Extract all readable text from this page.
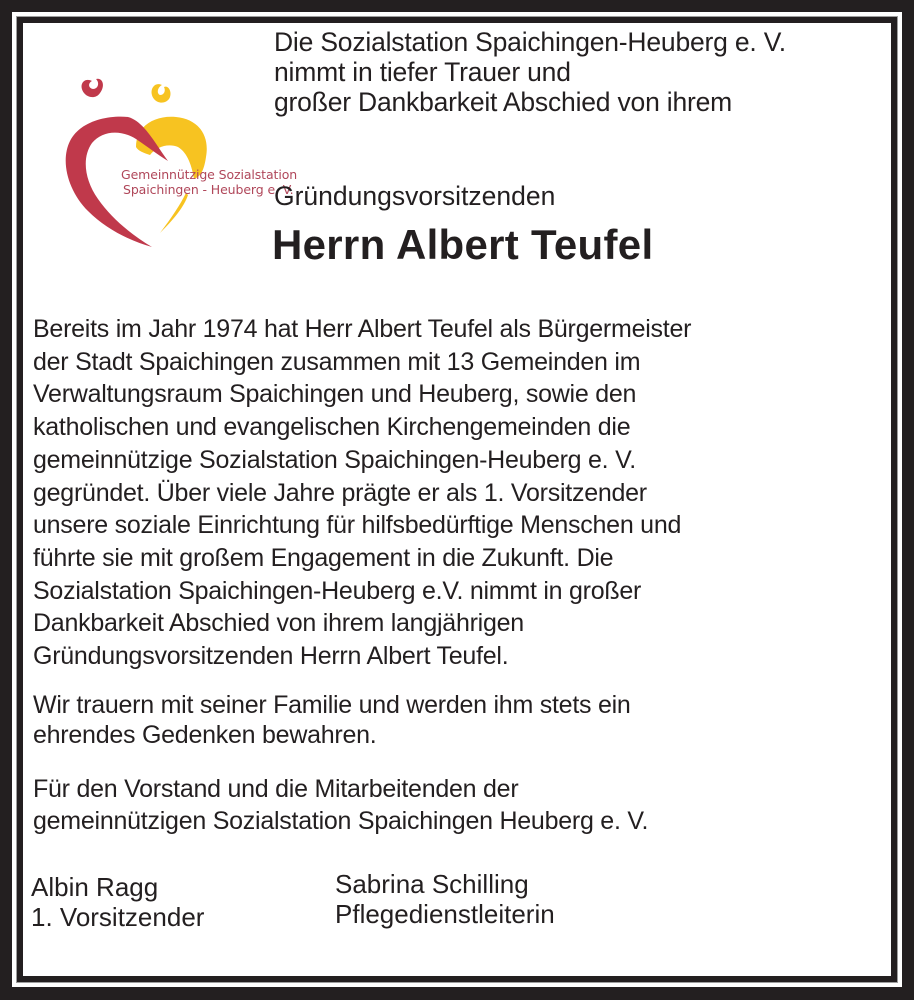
Gemeinnützige Sozialstation
Spaichingen - Heuberg e. V.
Die Sozialstation Spaichingen-Heuberg e. V.
nimmt in tiefer Trauer und
großer Dankbarkeit Abschied von ihrem
Gründungsvorsitzenden
Herrn Albert Teufel
Bereits im Jahr 1974 hat Herr Albert Teufel als Bürgermeister
der Stadt Spaichingen zusammen mit 13 Gemeinden im
Verwaltungsraum Spaichingen und Heuberg, sowie den
katholischen und evangelischen Kirchengemeinden die
gemeinnützige Sozialstation Spaichingen-Heuberg e. V.
gegründet. Über viele Jahre prägte er als 1. Vorsitzender
unsere soziale Einrichtung für hilfsbedürftige Menschen und
führte sie mit großem Engagement in die Zukunft. Die
Sozialstation Spaichingen-Heuberg e.V. nimmt in großer
Dankbarkeit Abschied von ihrem langjährigen
Gründungsvorsitzenden Herrn Albert Teufel.
Wir trauern mit seiner Familie und werden ihm stets ein
ehrendes Gedenken bewahren.
Für den Vorstand und die Mitarbeitenden der
gemeinnützigen Sozialstation Spaichingen Heuberg e. V.
Albin Ragg
1. Vorsitzender
Sabrina Schilling
Pflegedienstleiterin
